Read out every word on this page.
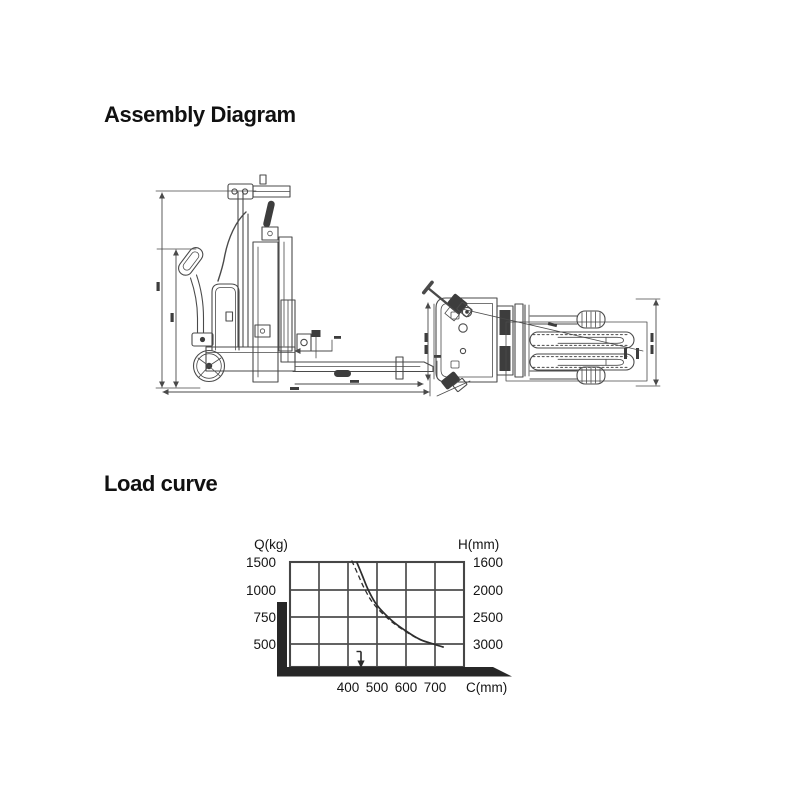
Assembly Diagram
Load curve
1500
1000
750
500
1600
2000
2500
3000
400 500 600 700
Q(kg)	H(mm)
C(mm)
